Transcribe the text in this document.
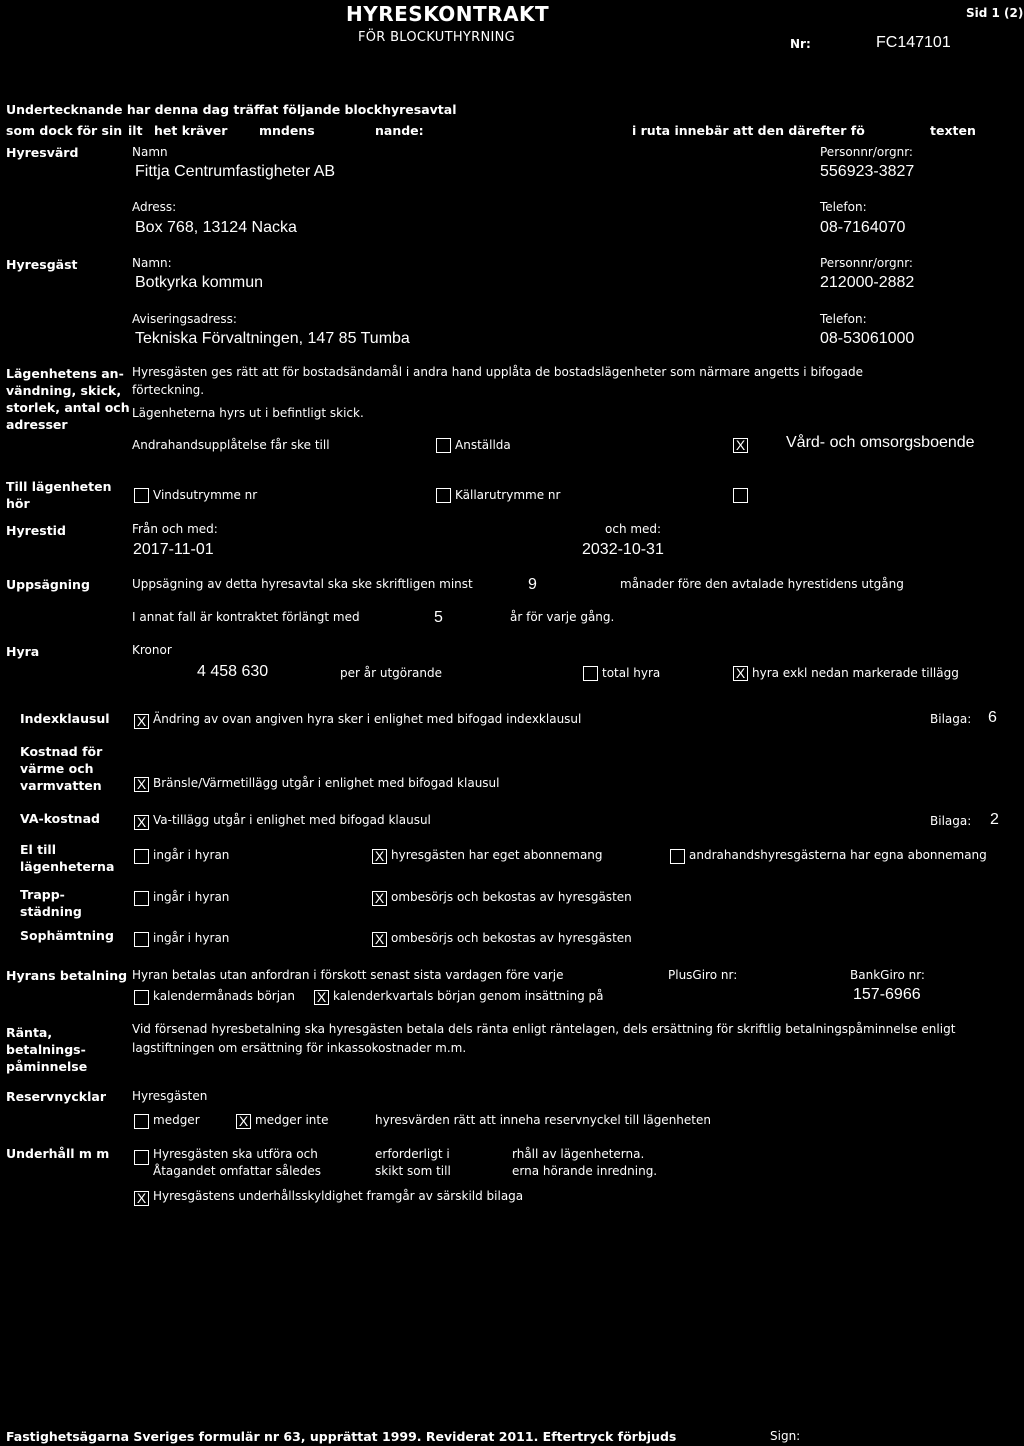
HYRESKONTRAKT
FÖR BLOCKUTHYRNING
Sid 1 (2)
Nr:	FC147101
Undertecknande har denna dag träffat följande blockhyresavtal
som dock för sin ilt het kräver	mndens	nande:	i ruta innebär att den därefter fö	texten
Hyresvärd	Namn
Fittja Centrumfastigheter AB
Personnr/orgnr:
556923-3827
Adress:
Box 768, 13124 Nacka
Telefon:
08-7164070
Hyresgäst	Namn:
Botkyrka kommun
Personnr/orgnr:
212000-2882
Aviseringsadress:
Tekniska Förvaltningen, 147 85 Tumba
Telefon:
08-53061000
Lägenhetens an-
vändning, skick,
storlek, antal och
adresser
Hyresgästen ges rätt att för bostadsändamål i andra hand upplåta de bostadslägenheter som närmare angetts i bifogade
förteckning.
Lägenheterna hyrs ut i befintligt skick.
Andrahandsupplåtelse får ske till	Anställda	X	Vård- och omsorgsboende
Till lägenheten
hör
Vindsutrymme nr	Källarutrymme nr
Hyrestid	Från och med:
2017-11-01
och med:
2032-10-31
Uppsägning	Uppsägning av detta hyresavtal ska ske skriftligen minst	9	månader före den avtalade hyrestidens utgång
I annat fall är kontraktet förlängt med	5	år för varje gång.
Hyra	Kronor
4 458 630	per år utgörande	total hyra	X hyra exkl nedan markerade tillägg
Indexklausul X Ändring av ovan angiven hyra sker i enlighet med bifogad indexklausul	Bilaga: 6
Kostnad för
värme och
varmvatten	X Bränsle/Värmetillägg utgår i enlighet med bifogad klausul
VA-kostnad	X Va-tillägg utgår i enlighet med bifogad klausul	Bilaga: 2
El till
lägenheterna
ingår i hyran	X hyresgästen har eget abonnemang	andrahandshyresgästerna har egna abonnemang
Trapp-
städning
ingår i hyran	X ombesörjs och bekostas av hyresgästen
Sophämtning	ingår i hyran	X ombesörjs och bekostas av hyresgästen
Hyrans betalning Hyran betalas utan anfordran i förskott senast sista vardagen före varje	PlusGiro nr:	BankGiro nr:
kalendermånads början X kalenderkvartals början genom insättning på	157-6966
Ränta,
betalnings-
påminnelse
Vid försenad hyresbetalning ska hyresgästen betala dels ränta enligt räntelagen, dels ersättning för skriftlig betalningspåminnelse enligt
lagstiftningen om ersättning för inkassokostnader m.m.
Reservnycklar Hyresgästen
medger	X medger inte	hyresvärden rätt att inneha reservnyckel till lägenheten
Underhåll m m	Hyresgästen ska utföra och	erforderligt i	rhåll av lägenheterna.
Åtagandet omfattar således	skikt som till	erna hörande inredning.
X Hyresgästens underhållsskyldighet framgår av särskild bilaga
Fastighetsägarna Sveriges formulär nr 63, upprättat 1999. Reviderat 2011. Eftertryck förbjuds	Sign:
